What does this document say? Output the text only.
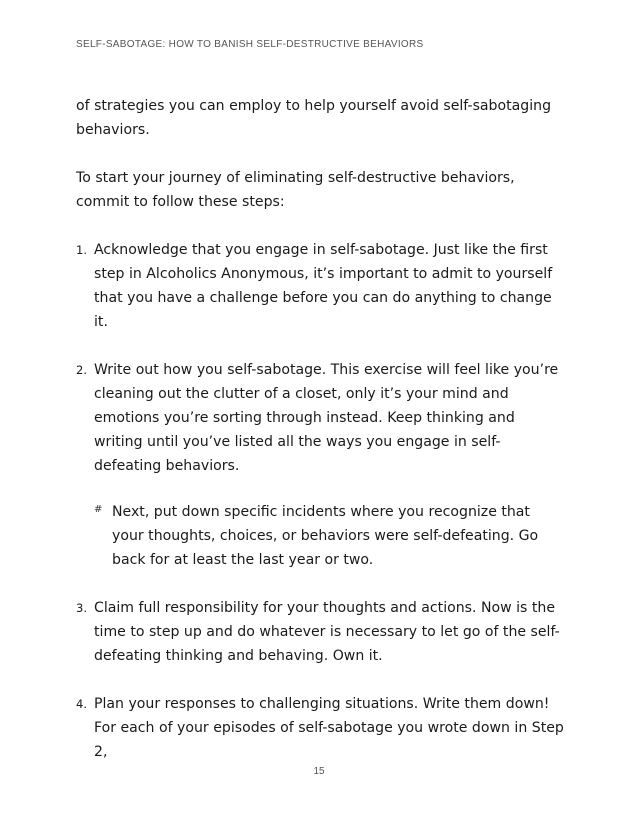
SELF-SABOTAGE: HOW TO BANISH SELF-DESTRUCTIVE BEHAVIORS

of strategies you can employ to help yourself avoid self-sabotaging behaviors.

To start your journey of eliminating self-destructive behaviors, commit to follow these steps:

1. Acknowledge that you engage in self-sabotage. Just like the first step in Alcoholics Anonymous, it’s important to admit to yourself that you have a challenge before you can do anything to change it.
2. Write out how you self-sabotage. This exercise will feel like you’re cleaning out the clutter of a closet, only it’s your mind and emotions you’re sorting through instead. Keep thinking and writing until you’ve listed all the ways you engage in self-defeating behaviors.
# Next, put down specific incidents where you recognize that your thoughts, choices, or behaviors were self-defeating. Go back for at least the last year or two.
3. Claim full responsibility for your thoughts and actions. Now is the time to step up and do whatever is necessary to let go of the self-defeating thinking and behaving. Own it.
4. Plan your responses to challenging situations. Write them down! For each of your episodes of self-sabotage you wrote down in Step 2,
15
